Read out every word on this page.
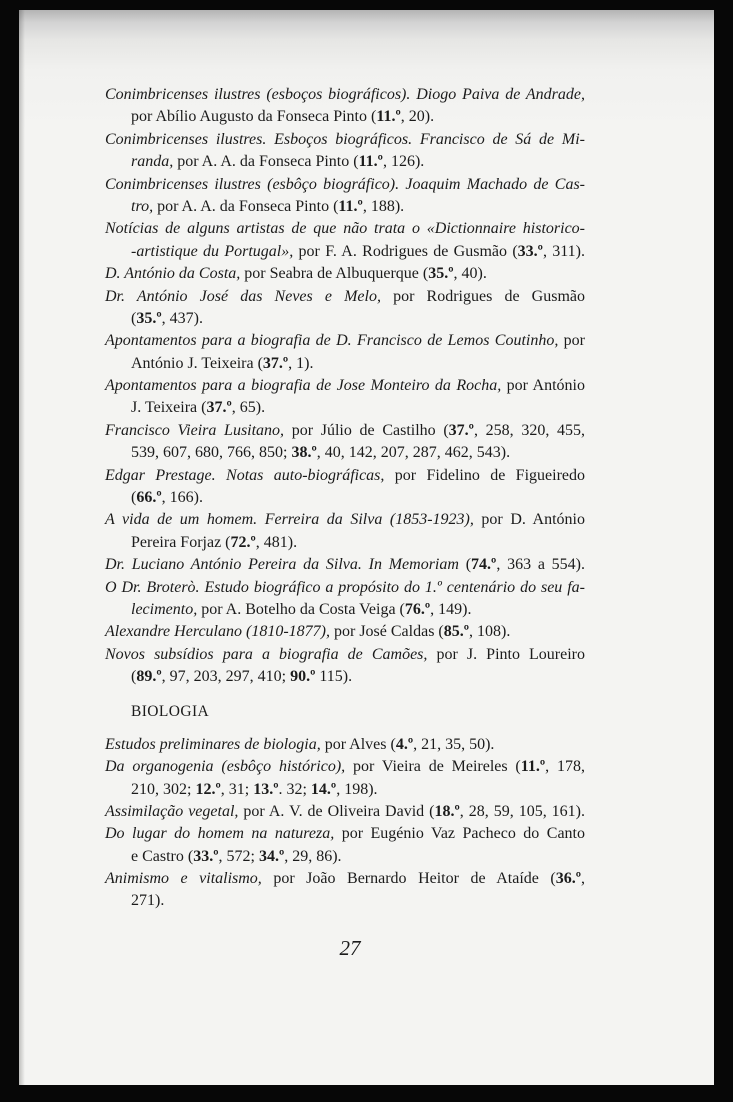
Conimbricenses ilustres (esboços biográficos). Diogo Paiva de Andrade,
por Abílio Augusto da Fonseca Pinto (11.º, 20).
Conimbricenses ilustres. Esboços biográficos. Francisco de Sá de Mi-
randa, por A. A. da Fonseca Pinto (11.º, 126).
Conimbricenses ilustres (esbôço biográfico). Joaquim Machado de Cas-
tro, por A. A. da Fonseca Pinto (11.º, 188).
Notícias de alguns artistas de que não trata o «Dictionnaire historico-
-artistique du Portugal», por F. A. Rodrigues de Gusmão (33.º, 311).
D. António da Costa, por Seabra de Albuquerque (35.º, 40).
Dr. António José das Neves e Melo, por Rodrigues de Gusmão
(35.º, 437).
Apontamentos para a biografia de D. Francisco de Lemos Coutinho, por
António J. Teixeira (37.º, 1).
Apontamentos para a biografia de Jose Monteiro da Rocha, por António
J. Teixeira (37.º, 65).
Francisco Vieira Lusitano, por Júlio de Castilho (37.º, 258, 320, 455,
539, 607, 680, 766, 850; 38.º, 40, 142, 207, 287, 462, 543).
Edgar Prestage. Notas auto-biográficas, por Fidelino de Figueiredo
(66.º, 166).
A vida de um homem. Ferreira da Silva (1853-1923), por D. António
Pereira Forjaz (72.º, 481).
Dr. Luciano António Pereira da Silva. In Memoriam (74.º, 363 a 554).
O Dr. Broterò. Estudo biográfico a propósito do 1.º centenário do seu fa-
lecimento, por A. Botelho da Costa Veiga (76.º, 149).
Alexandre Herculano (1810-1877), por José Caldas (85.º, 108).
Novos subsídios para a biografia de Camões, por J. Pinto Loureiro
(89.º, 97, 203, 297, 410; 90.º 115).
BIOLOGIA
Estudos preliminares de biologia, por Alves (4.º, 21, 35, 50).
Da organogenia (esbôço histórico), por Vieira de Meireles (11.º, 178,
210, 302; 12.º, 31; 13.º. 32; 14.º, 198).
Assimilação vegetal, por A. V. de Oliveira David (18.º, 28, 59, 105, 161).
Do lugar do homem na natureza, por Eugénio Vaz Pacheco do Canto
e Castro (33.º, 572; 34.º, 29, 86).
Animismo e vitalismo, por João Bernardo Heitor de Ataíde (36.º,
271).
27
